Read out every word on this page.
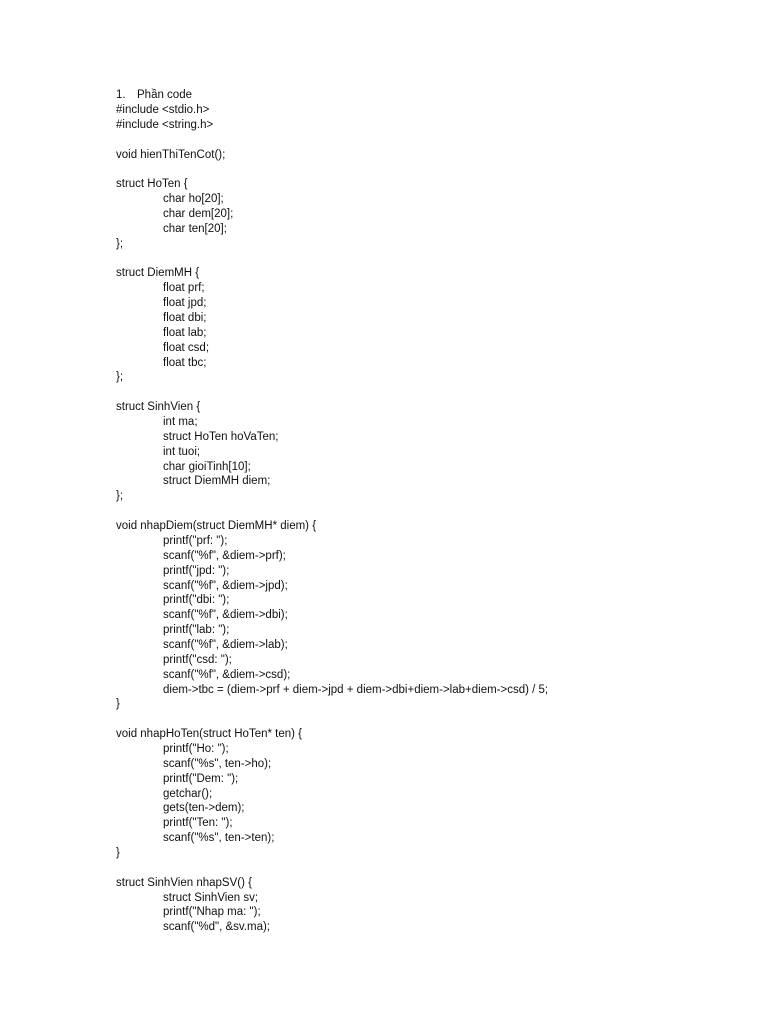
1. Phần code
#include <stdio.h>
#include <string.h>
void hienThiTenCot();
struct HoTen {
char ho[20];
char dem[20];
char ten[20];
};
struct DiemMH {
float prf;
float jpd;
float dbi;
float lab;
float csd;
float tbc;
};
struct SinhVien {
int ma;
struct HoTen hoVaTen;
int tuoi;
char gioiTinh[10];
struct DiemMH diem;
};
void nhapDiem(struct DiemMH* diem) {
printf("prf: ");
scanf("%f", &diem->prf);
printf("jpd: ");
scanf("%f", &diem->jpd);
printf("dbi: ");
scanf("%f", &diem->dbi);
printf("lab: ");
scanf("%f", &diem->lab);
printf("csd: ");
scanf("%f", &diem->csd);
diem->tbc = (diem->prf + diem->jpd + diem->dbi+diem->lab+diem->csd) / 5;
}
void nhapHoTen(struct HoTen* ten) {
printf("Ho: ");
scanf("%s", ten->ho);
printf("Dem: ");
getchar();
gets(ten->dem);
printf("Ten: ");
scanf("%s", ten->ten);
}
struct SinhVien nhapSV() {
struct SinhVien sv;
printf("Nhap ma: ");
scanf("%d", &sv.ma);
